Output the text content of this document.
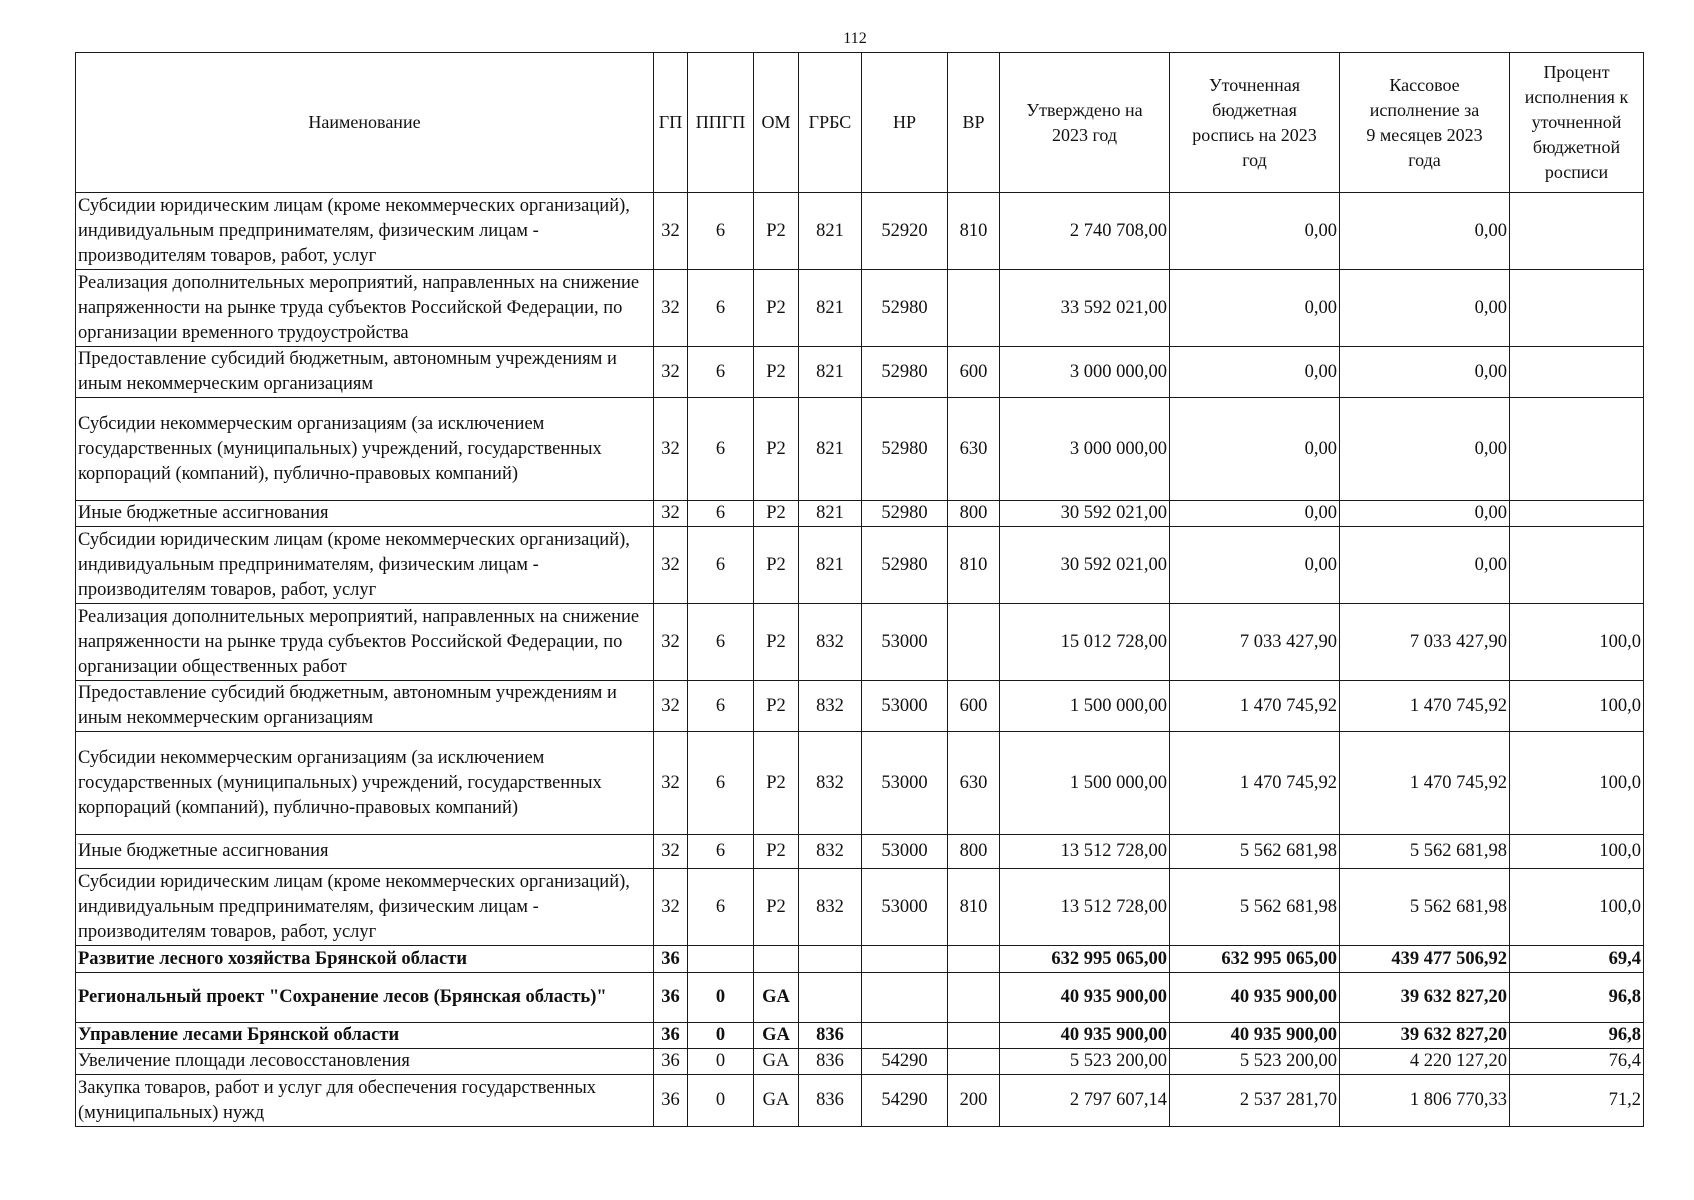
112
Наименование	ГП	ППГП	ОМ	ГРБС	НР	ВР	Утверждено на 2023 год	Уточненная бюджетная роспись на 2023 год	Кассовое исполнение за 9 месяцев 2023 года	Процент исполнения к уточненной бюджетной росписи
Субсидии юридическим лицам (кроме некоммерческих организаций), индивидуальным предпринимателям, физическим лицам - производителям товаров, работ, услуг	32	6	Р2	821	52920	810	2 740 708,00	0,00	0,00	
Реализация дополнительных мероприятий, направленных на снижение напряженности на рынке труда субъектов Российской Федерации, по организации временного трудоустройства	32	6	Р2	821	52980		33 592 021,00	0,00	0,00	
Предоставление субсидий бюджетным, автономным учреждениям и иным некоммерческим организациям	32	6	Р2	821	52980	600	3 000 000,00	0,00	0,00	
Субсидии некоммерческим организациям (за исключением государственных (муниципальных) учреждений, государственных корпораций (компаний), публично-правовых компаний)	32	6	Р2	821	52980	630	3 000 000,00	0,00	0,00	
Иные бюджетные ассигнования	32	6	Р2	821	52980	800	30 592 021,00	0,00	0,00	
Субсидии юридическим лицам (кроме некоммерческих организаций), индивидуальным предпринимателям, физическим лицам - производителям товаров, работ, услуг	32	6	Р2	821	52980	810	30 592 021,00	0,00	0,00	
Реализация дополнительных мероприятий, направленных на снижение напряженности на рынке труда субъектов Российской Федерации, по организации общественных работ	32	6	Р2	832	53000		15 012 728,00	7 033 427,90	7 033 427,90	100,0
Предоставление субсидий бюджетным, автономным учреждениям и иным некоммерческим организациям	32	6	Р2	832	53000	600	1 500 000,00	1 470 745,92	1 470 745,92	100,0
Субсидии некоммерческим организациям (за исключением государственных (муниципальных) учреждений, государственных корпораций (компаний), публично-правовых компаний)	32	6	Р2	832	53000	630	1 500 000,00	1 470 745,92	1 470 745,92	100,0
Иные бюджетные ассигнования	32	6	Р2	832	53000	800	13 512 728,00	5 562 681,98	5 562 681,98	100,0
Субсидии юридическим лицам (кроме некоммерческих организаций), индивидуальным предпринимателям, физическим лицам - производителям товаров, работ, услуг	32	6	Р2	832	53000	810	13 512 728,00	5 562 681,98	5 562 681,98	100,0
Развитие лесного хозяйства Брянской области	36						632 995 065,00	632 995 065,00	439 477 506,92	69,4
Региональный проект "Сохранение лесов (Брянская область)"	36	0	GA				40 935 900,00	40 935 900,00	39 632 827,20	96,8
Управление лесами Брянской области	36	0	GA	836			40 935 900,00	40 935 900,00	39 632 827,20	96,8
Увеличение площади лесовосстановления	36	0	GA	836	54290		5 523 200,00	5 523 200,00	4 220 127,20	76,4
Закупка товаров, работ и услуг для обеспечения государственных (муниципальных) нужд	36	0	GA	836	54290	200	2 797 607,14	2 537 281,70	1 806 770,33	71,2
